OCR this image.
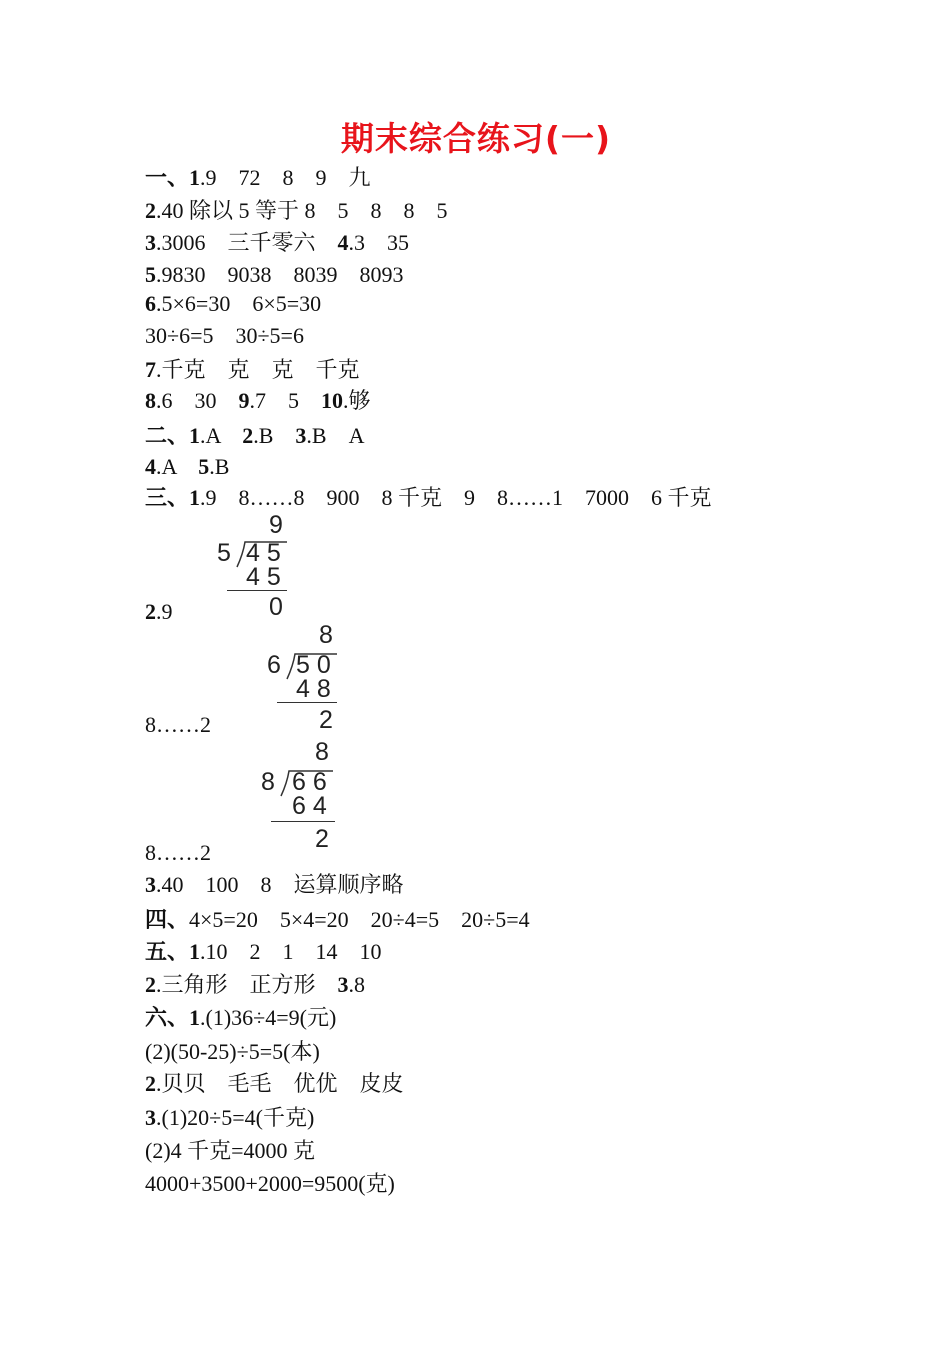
期末综合练习(一)
一、1.9　72　8　9　九
2.40 除以 5 等于 8　5　8　8　5
3.3006　三千零六　4.3　35
5.9830　9038　8039　8093
6.5×6=30　6×5=30
30÷6=5　30÷5=6
7.千克　克　克　千克
8.6　30　9.7　5　10.够
二、1.A　2.B　3.B　A
4.A　5.B
三、1.9　8……8　900　8 千克　9　8……1　7000　6 千克
9
5 4 5
4 5
0
2.9
8
6 5 0
4 8
2
8……2
8
8 6 6
6 4
2
8……2
3.40　100　8　运算顺序略
四、4×5=20　5×4=20　20÷4=5　20÷5=4
五、1.10　2　1　14　10
2.三角形　正方形　3.8
六、1.(1)36÷4=9(元)
(2)(50-25)÷5=5(本)
2.贝贝　毛毛　优优　皮皮
3.(1)20÷5=4(千克)
(2)4 千克=4000 克
4000+3500+2000=9500(克)
